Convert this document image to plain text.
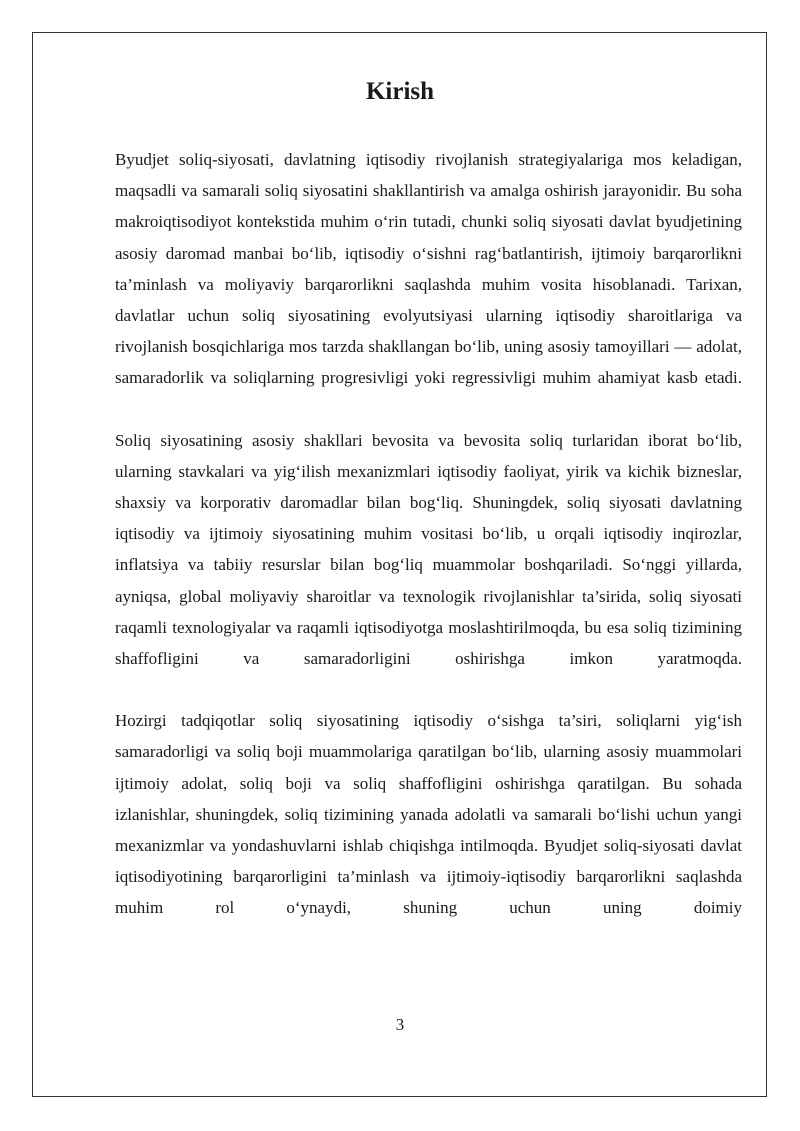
Kirish

Byudjet soliq-siyosati, davlatning iqtisodiy rivojlanish strategiyalariga mos keladigan, maqsadli va samarali soliq siyosatini shakllantirish va amalga oshirish jarayonidir. Bu soha makroiqtisodiyot kontekstida muhim o‘rin tutadi, chunki soliq siyosati davlat byudjetining asosiy daromad manbai bo‘lib, iqtisodiy o‘sishni rag‘batlantirish, ijtimoiy barqarorlikni ta’minlash va moliyaviy barqarorlikni saqlashda muhim vosita hisoblanadi. Tarixan, davlatlar uchun soliq siyosatining evolyutsiyasi ularning iqtisodiy sharoitlariga va rivojlanish bosqichlariga mos tarzda shakllangan bo‘lib, uning asosiy tamoyillari — adolat, samaradorlik va soliqlarning progresivligi yoki regressivligi muhim ahamiyat kasb etadi.

Soliq siyosatining asosiy shakllari bevosita va bevosita soliq turlaridan iborat bo‘lib, ularning stavkalari va yig‘ilish mexanizmlari iqtisodiy faoliyat, yirik va kichik bizneslar, shaxsiy va korporativ daromadlar bilan bog‘liq. Shuningdek, soliq siyosati davlatning iqtisodiy va ijtimoiy siyosatining muhim vositasi bo‘lib, u orqali iqtisodiy inqirozlar, inflatsiya va tabiiy resurslar bilan bog‘liq muammolar boshqariladi. So‘nggi yillarda, ayniqsa, global moliyaviy sharoitlar va texnologik rivojlanishlar ta’sirida, soliq siyosati raqamli texnologiyalar va raqamli iqtisodiyotga moslashtirilmoqda, bu esa soliq tizimining shaffofligini va samaradorligini oshirishga imkon yaratmoqda.

Hozirgi tadqiqotlar soliq siyosatining iqtisodiy o‘sishga ta’siri, soliqlarni yig‘ish samaradorligi va soliq boji muammolariga qaratilgan bo‘lib, ularning asosiy muammolari ijtimoiy adolat, soliq boji va soliq shaffofligini oshirishga qaratilgan. Bu sohada izlanishlar, shuningdek, soliq tizimining yanada adolatli va samarali bo‘lishi uchun yangi mexanizmlar va yondashuvlarni ishlab chiqishga intilmoqda. Byudjet soliq-siyosati davlat iqtisodiyotining barqarorligini ta’minlash va ijtimoiy-iqtisodiy barqarorlikni saqlashda muhim rol o‘ynaydi, shuning uchun uning doimiy

3
